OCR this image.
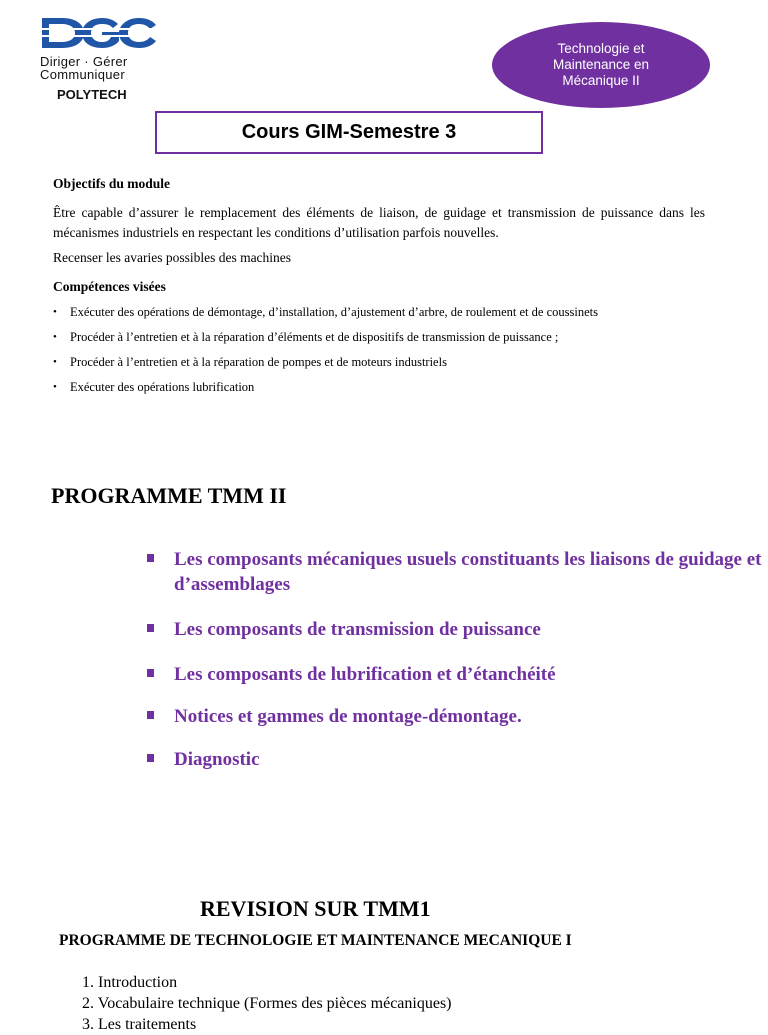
Diriger · Gérer
Communiquer
POLYTECH
Technologie et Maintenance en Mécanique II
Cours GIM-Semestre 3
Objectifs du module
Être capable d’assurer le remplacement des éléments de liaison, de guidage et transmission de puissance dans les mécanismes industriels en respectant les conditions d’utilisation parfois nouvelles.
Recenser les avaries possibles des machines
Compétences visées
• Exécuter des opérations de démontage, d’installation, d’ajustement d’arbre, de roulement et de coussinets
• Procéder à l’entretien et à la réparation d’éléments et de dispositifs de transmission de puissance ;
• Procéder à l’entretien et à la réparation de pompes et de moteurs industriels
• Exécuter des opérations lubrification
PROGRAMME TMM II
Les composants mécaniques usuels constituants les liaisons de guidage et d’assemblages
Les composants de transmission de puissance
Les composants de lubrification et d’étanchéité
Notices et gammes de montage-démontage.
Diagnostic
REVISION SUR TMM1
PROGRAMME DE TECHNOLOGIE ET MAINTENANCE MECANIQUE I
1. Introduction
2. Vocabulaire technique (Formes des pièces mécaniques)
3. Les traitements
